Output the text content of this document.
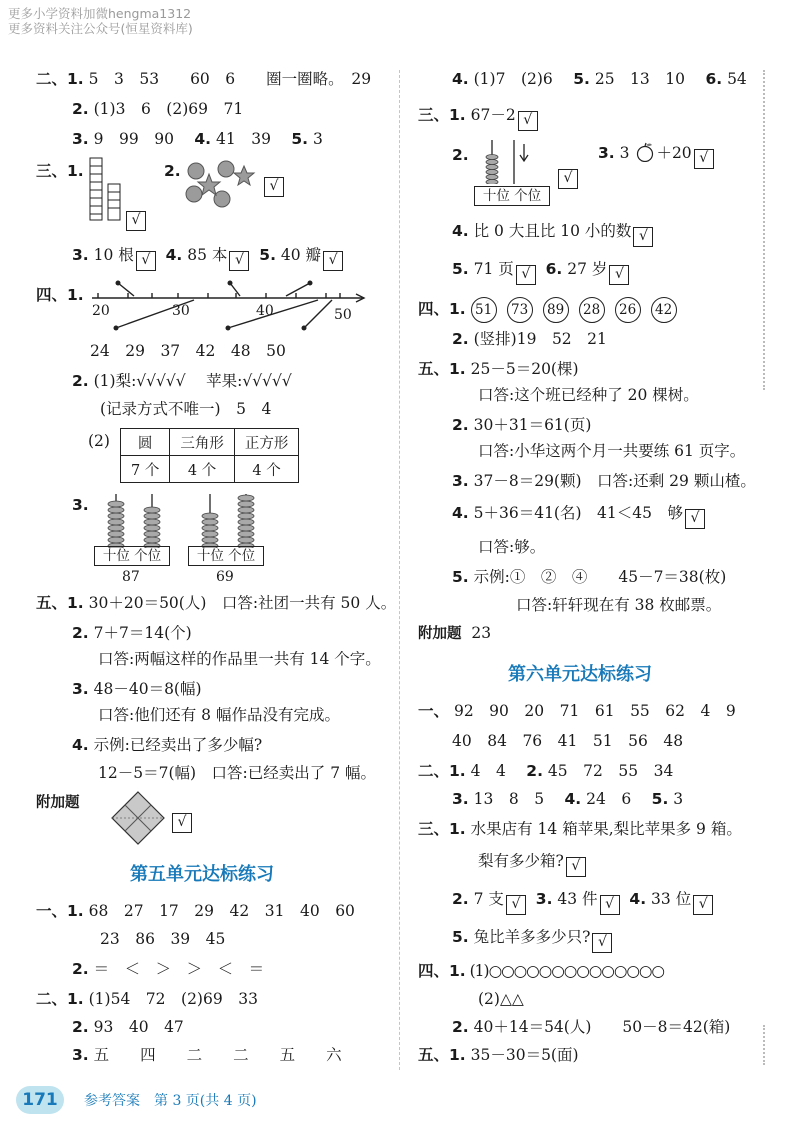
更多小学资料加微hengma1312
更多资料关注公众号(恒星资料库)
二、1. 5　3　53　　60　6　　圈一圈略。　29
2. (1)3　6　(2)69　71
3. 9　99　90　 4. 41　39　 5. 3
三、1.
√
2.
√
3. 10 根 √ 4. 85 本 √ 5. 40 瓣 √
四、1.
20	30	40	50
24　29　37　42　48　50
2. (1)梨:√√√√√　 苹果:√√√√√
(记录方式不唯一)　5　4
(2) 圆	三角形	正方形
7 个	4 个	4 个
3.
十位 个位
87
十位 个位
69
五、1. 30＋20＝50(人)　口答:社团一共有 50 人。
2. 7＋7＝14(个)
口答:两幅这样的作品里一共有 14 个字。
3. 48－40＝8(幅)
口答:他们还有 8 幅作品没有完成。
4. 示例:已经卖出了多少幅?
12－5＝7(幅)　口答:已经卖出了 7 幅。
附加题
√
第五单元达标练习
一、1. 68　27　17　29　42　31　40　60
23　86　39　45
2. ＝　＜　＞　＞　＜　＝
二、1. (1)54　72　(2)69　33
2. 93　40　47
3. 五　　四　　二　　二　　五　　六
4. (1)7　(2)6　 5. 25　13　10　 6. 54
三、1. 67－2 √
2.
十位 个位
√
3. 3 ＋20 √
4. 比 0 大且比 10 小的数 √
5. 71 页 √ 6. 27 岁 √
四、1. 51 73 89 28 26 42
2. (竖排)19　52　21
五、1. 25－5＝20(棵)
口答:这个班已经种了 20 棵树。
2. 30＋31＝61(页)
口答:小华这两个月一共要练 61 页字。
3. 37－8＝29(颗)　口答:还剩 29 颗山楂。
4. 5＋36＝41(名)　41＜45　够 √
口答:够。
5. 示例:①　②　④　　45－7＝38(枚)
口答:轩轩现在有 38 枚邮票。
附加题 23
第六单元达标练习
一、 92　90　20　71　61　55　62　4　9
40　84　76　41　51　56　48
二、1. 4　4　 2. 45　72　55　34
3. 13　8　5　 4. 24　6　 5. 3
三、1. 水果店有 14 箱苹果,梨比苹果多 9 箱。
梨有多少箱? √
2. 7 支 √ 3. 43 件 √ 4. 33 位 √
5. 兔比羊多多少只? √
四、1. (1)○○○○○○○○○○○○○○
(2)△△
2. 40＋14＝54(人)　　50－8＝42(箱)
五、1. 35－30＝5(面)
171	参考答案　第 3 页(共 4 页)
